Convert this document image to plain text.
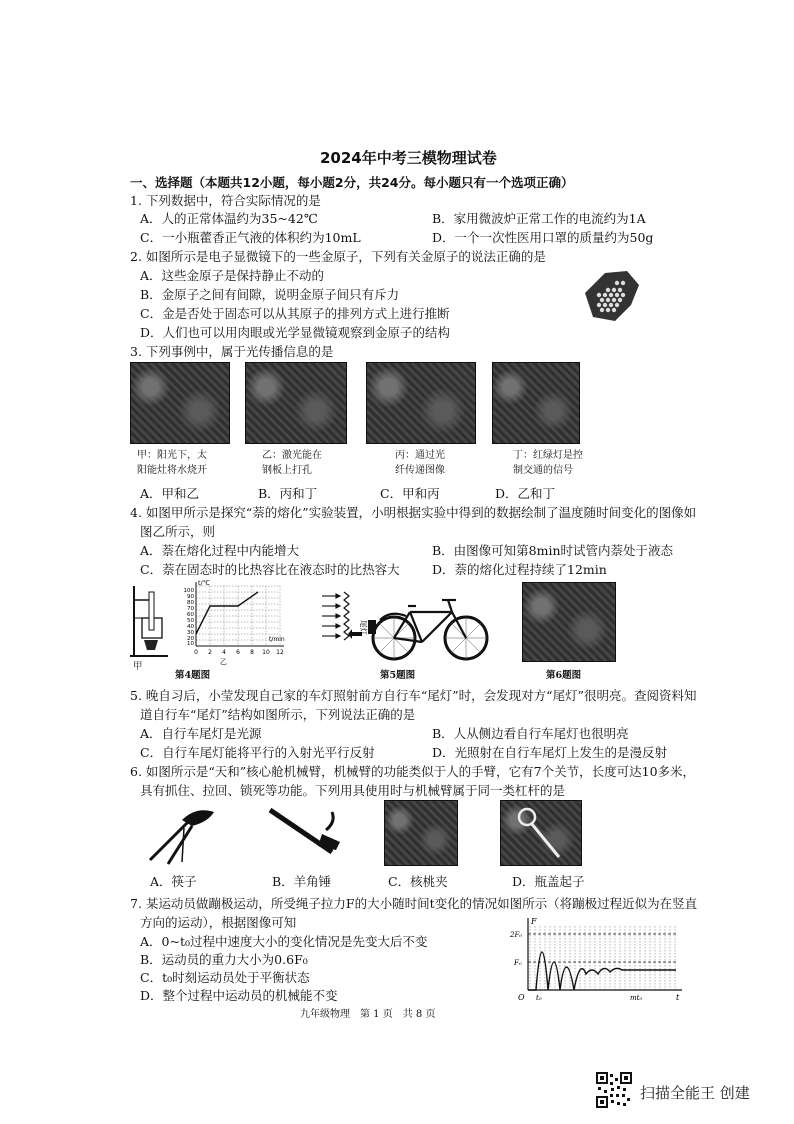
2024年中考三模物理试卷
一、选择题（本题共12小题，每小题2分，共24分。每小题只有一个选项正确）
1. 下列数据中，符合实际情况的是
A．人的正常体温约为35~42℃	B．家用微波炉正常工作的电流约为1A
C．一小瓶藿香正气液的体积约为10mL	D．一个一次性医用口罩的质量约为50g
2. 如图所示是电子显微镜下的一些金原子，下列有关金原子的说法正确的是
A．这些金原子是保持静止不动的
B．金原子之间有间隙，说明金原子间只有斥力
C．金是否处于固态可以从其原子的排列方式上进行推断
D．人们也可以用肉眼或光学显微镜观察到金原子的结构
3. 下列事例中，属于光传播信息的是
甲：阳光下，太
阳能灶将水烧开
乙：激光能在
钢板上打孔
丙：通过光
纤传递图像
丁：红绿灯是控
制交通的信号
A．甲和乙	B．丙和丁	C．甲和丙	D．乙和丁
4. 如图甲所示是探究“萘的熔化”实验装置，小明根据实验中得到的数据绘制了温度随时间变化的图像如
图乙所示，则
A．萘在熔化过程中内能增大	B．由图像可知第8min时试管内萘处于液态
C．萘在固态时的比热容比在液态时的比热容大	D．萘的熔化过程持续了12min
甲
t/℃
t/min
100
90
80
70
60
50
40
30
20
10
0 2 4 6 8 10 12
乙
第4题图
尾灯
第5题图	第6题图
5. 晚自习后，小莹发现自己家的车灯照射前方自行车“尾灯”时，会发现对方“尾灯”很明亮。查阅资料知
道自行车“尾灯”结构如图所示，下列说法正确的是
A．自行车尾灯是光源	B．人从侧边看自行车尾灯也很明亮
C．自行车尾灯能将平行的入射光平行反射	D．光照射在自行车尾灯上发生的是漫反射
6. 如图所示是“天和”核心舱机械臂，机械臂的功能类似于人的手臂，它有7个关节，长度可达10多米，
具有抓住、拉回、锁死等功能。下列用具使用时与机械臂属于同一类杠杆的是
A．筷子	B．羊角锤	C．核桃夹	D．瓶盖起子
7. 某运动员做蹦极运动，所受绳子拉力F的大小随时间t变化的情况如图所示（将蹦极过程近似为在竖直
方向的运动），根据图像可知
A．0~t₀过程中速度大小的变化情况是先变大后不变
B．运动员的重力大小为0.6F₀
C．t₀时刻运动员处于平衡状态
D．整个过程中运动员的机械能不变
2F₀
F₀
F
O t₀	mt₀	t
九年级物理　第 1 页　共 8 页
扫描全能王 创建
